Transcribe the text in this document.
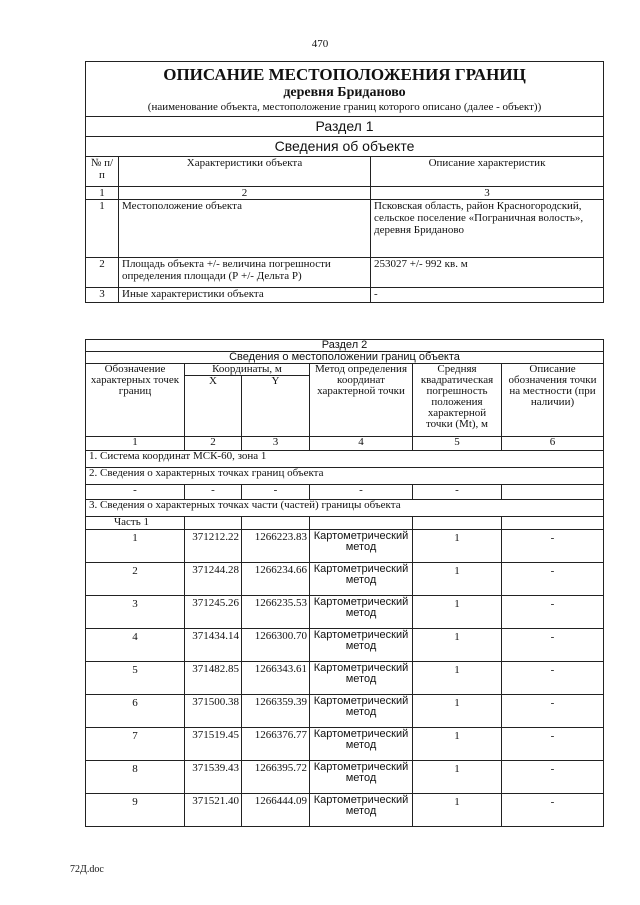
470
ОПИСАНИЕ МЕСТОПОЛОЖЕНИЯ ГРАНИЦ		
деревня Бриданово		
(наименование объекта, местоположение границ которого описано (далее - объект))		
Раздел 1		
Сведения об объекте		
№ п/п	Характеристики объекта	Описание характеристик
1	2	3
1	Местоположение объекта	Псковская область, район Красногородский, сельское поселение «Пограничная волость», деревня Бриданово
2	Площадь объекта +/- величина погрешности определения площади (Р +/- Дельта Р)	253027 +/- 992 кв. м
3	Иные характеристики объекта	-
Раздел 2					
Сведения о местоположении границ объекта					
Обозначение характерных точек границ	Координаты, м		Метод определения координат характерной точки	Средняя квадратическая погрешность положения характерной точки (Mt), м	Описание обозначения точки на местности (при наличии)
	X	Y			
1	2	3	4	5	6
1. Система координат МСК-60, зона 1					
2. Сведения о характерных точках границ объекта					
-	-	-	-	-	
3. Сведения о характерных точках части (частей) границы объекта					
Часть 1					
1	371212.22	1266223.83	Картометрический метод	1	-
2	371244.28	1266234.66	Картометрический метод	1	-
3	371245.26	1266235.53	Картометрический метод	1	-
4	371434.14	1266300.70	Картометрический метод	1	-
5	371482.85	1266343.61	Картометрический метод	1	-
6	371500.38	1266359.39	Картометрический метод	1	-
7	371519.45	1266376.77	Картометрический метод	1	-
8	371539.43	1266395.72	Картометрический метод	1	-
9	371521.40	1266444.09	Картометрический метод	1	-
72Д.doc
